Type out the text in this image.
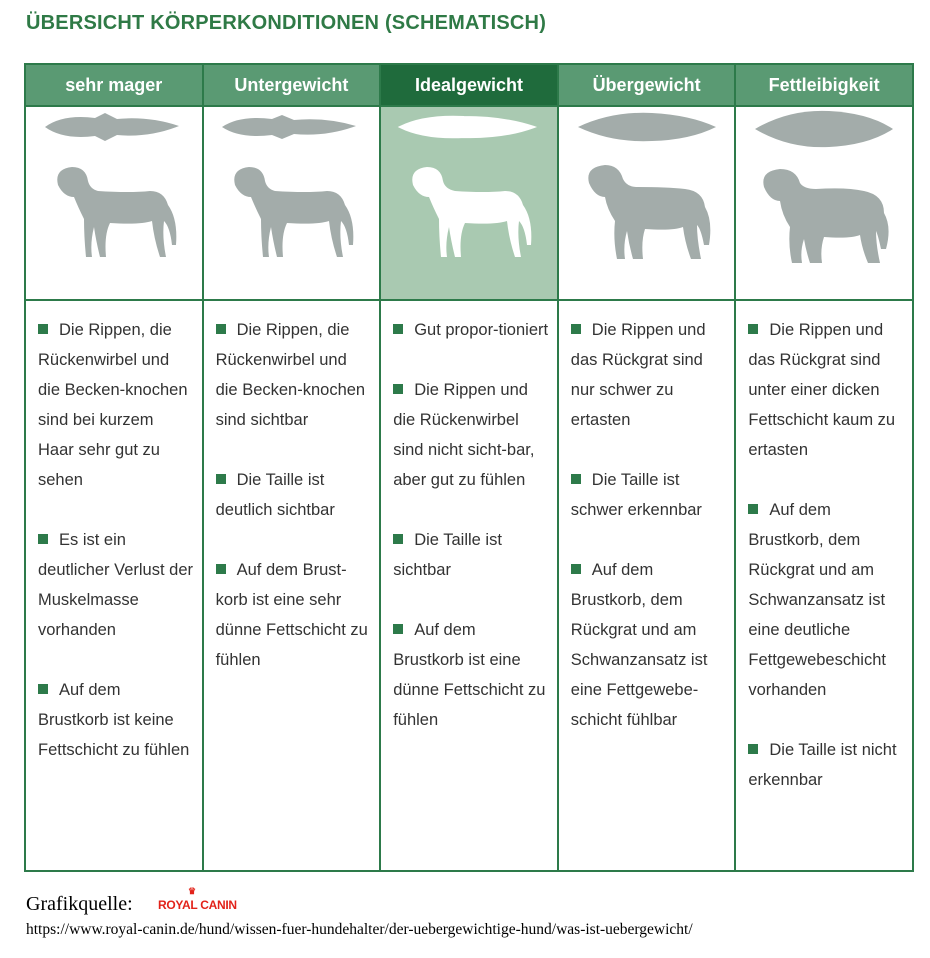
ÜBERSICHT KÖRPERKONDITIONEN (SCHEMATISCH)
sehr mager
Die Rippen, die Rückenwirbel und die Becken-knochen sind bei kurzem Haar sehr gut zu sehen
Es ist ein deutlicher Verlust der Muskelmasse vorhanden
Auf dem Brustkorb ist keine Fettschicht zu fühlen
Untergewicht
Die Rippen, die Rückenwirbel und die Becken-knochen sind sichtbar
Die Taille ist deutlich sichtbar
Auf dem Brust-korb ist eine sehr dünne Fettschicht zu fühlen
Idealgewicht
Gut propor-tioniert
Die Rippen und die Rückenwirbel sind nicht sicht-bar, aber gut zu fühlen
Die Taille ist sichtbar
Auf dem Brustkorb ist eine dünne Fettschicht zu fühlen
Übergewicht
Die Rippen und das Rückgrat sind nur schwer zu ertasten
Die Taille ist schwer erkennbar
Auf dem Brustkorb, dem Rückgrat und am Schwanzansatz ist eine Fettgewebe-schicht fühlbar
Fettleibigkeit
Die Rippen und das Rückgrat sind unter einer dicken Fettschicht kaum zu ertasten
Auf dem Brustkorb, dem Rückgrat und am Schwanzansatz ist eine deutliche Fettgewebeschicht vorhanden
Die Taille ist nicht erkennbar
Grafikquelle:
♛
ROYAL CANIN
https://www.royal-canin.de/hund/wissen-fuer-hundehalter/der-uebergewichtige-hund/was-ist-uebergewicht/
